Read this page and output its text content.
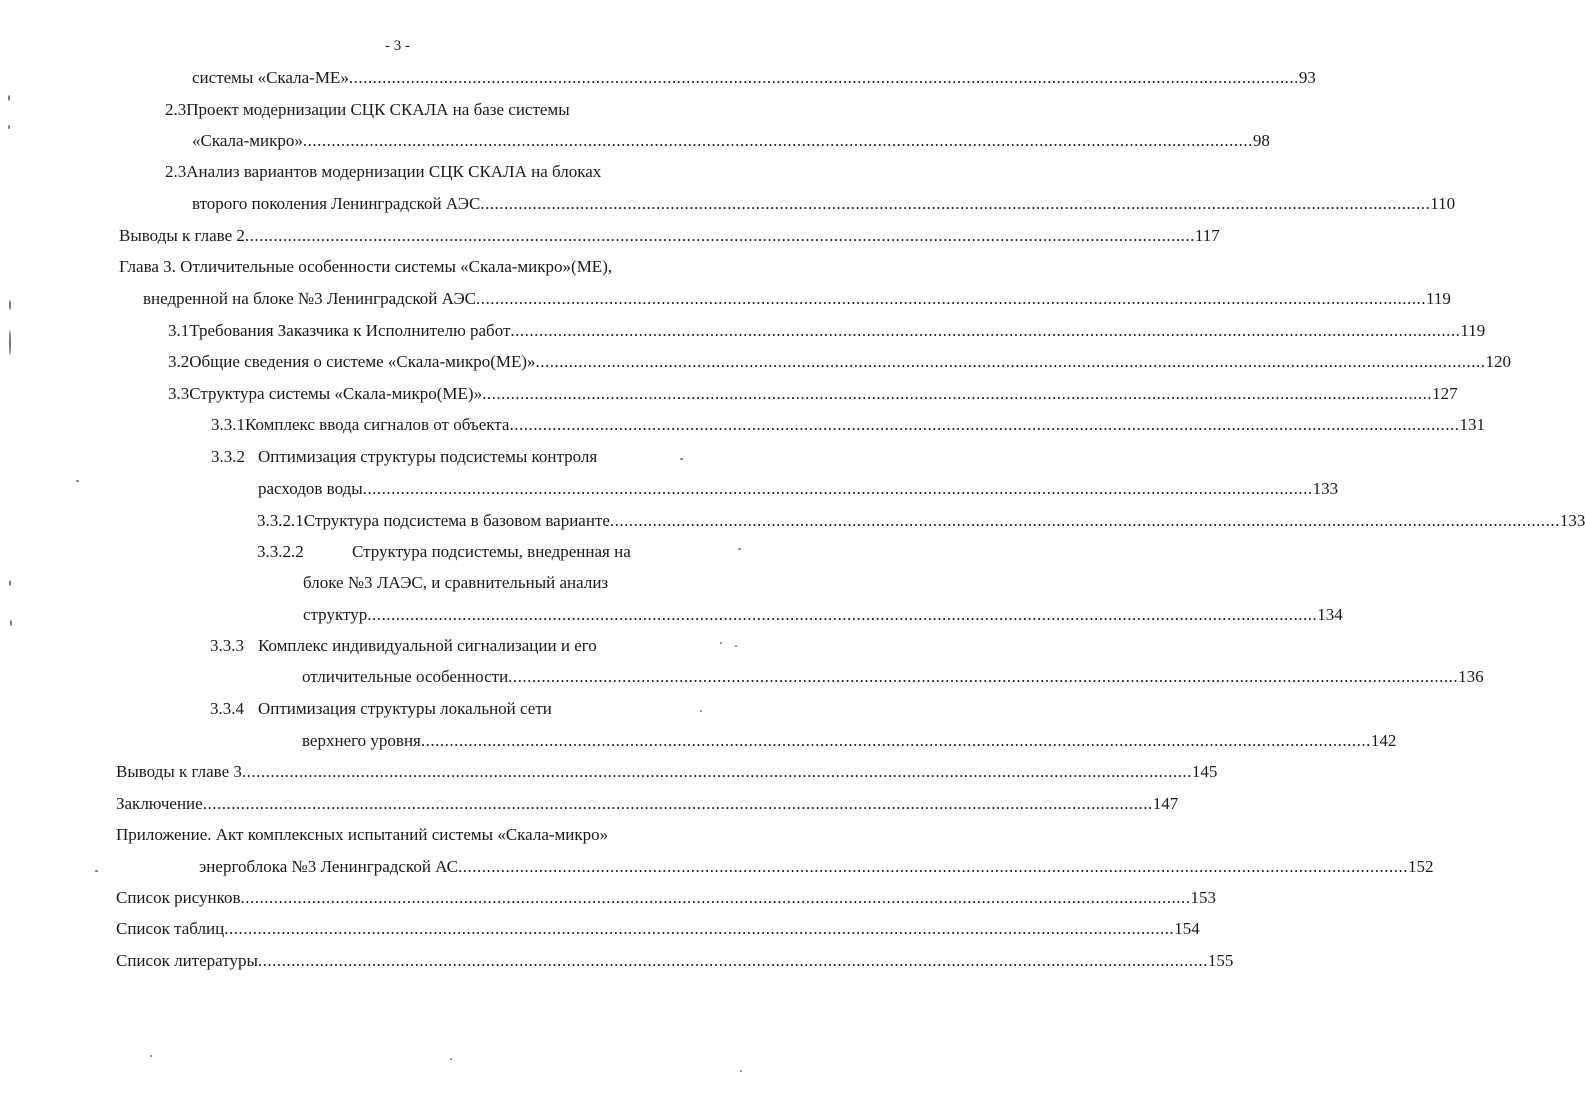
- 3 -
системы «Скала-МЕ» ........................................................................................................................................................................................................ 93
2.3Проект модернизации СЦК СКАЛА на базе системы
«Скала-микро» ........................................................................................................................................................................................................ 98
2.3Анализ вариантов модернизации СЦК СКАЛА на блоках
второго поколения Ленинградской АЭС ........................................................................................................................................................................................................ 110
Выводы к главе 2 ........................................................................................................................................................................................................ 117
Глава 3. Отличительные особенности системы «Скала-микро»(МЕ),
внедренной на блоке №3 Ленинградской АЭС ........................................................................................................................................................................................................ 119
3.1 Требования Заказчика к Исполнителю работ ........................................................................................................................................................................................................ 119
3.2 Общие сведения о системе «Скала-микро(МЕ)» ........................................................................................................................................................................................................ 120
3.3 Структура системы «Скала-микро(МЕ)» ........................................................................................................................................................................................................ 127
3.3.1 Комплекс ввода сигналов от объекта ........................................................................................................................................................................................................ 131
3.3.2 Оптимизация структуры подсистемы контроля
расходов воды ........................................................................................................................................................................................................ 133
3.3.2.1 Структура подсистема в базовом варианте ........................................................................................................................................................................................................ 133
3.3.2.2	Структура подсистемы, внедренная на
блоке №3 ЛАЭС, и сравнительный анализ
структур ........................................................................................................................................................................................................ 134
3.3.3 Комплекс индивидуальной сигнализации и его
отличительные особенности ........................................................................................................................................................................................................ 136
3.3.4 Оптимизация структуры локальной сети
верхнего уровня ........................................................................................................................................................................................................ 142
Выводы к главе 3 ........................................................................................................................................................................................................ 145
Заключение ........................................................................................................................................................................................................ 147
Приложение. Акт комплексных испытаний системы «Скала-микро»
энергоблока №3 Ленинградской АС ........................................................................................................................................................................................................ 152
Список рисунков ........................................................................................................................................................................................................ 153
Список таблиц ........................................................................................................................................................................................................ 154
Список литературы ........................................................................................................................................................................................................ 155
